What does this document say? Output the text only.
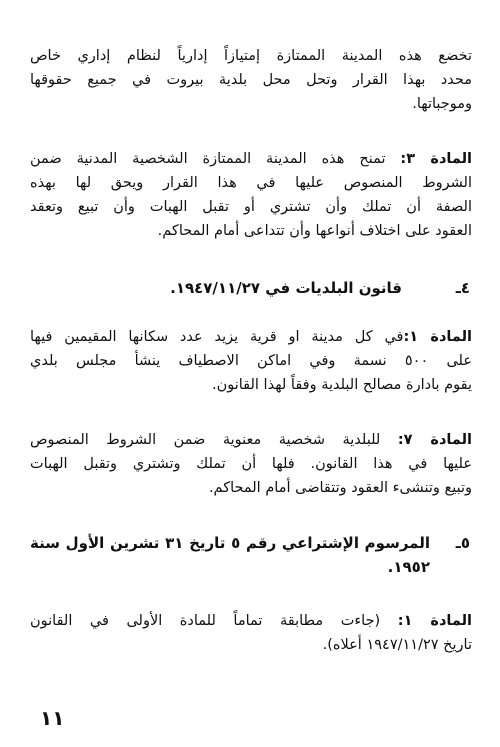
تخضع هذه المدينة الممتازة إمتيازاً إدارياً لنظام إداري خاص
محدد بهذا القرار وتحل محل بلدية بيروت في جميع حقوقها
وموجباتها.
المادة ٣: تمنح هذه المدينة الممتازة الشخصية المدنية ضمن
الشروط المنصوص عليها في هذا القرار ويحق لها بهذه
الصفة أن تملك وأن تشتري أو تقبل الهبات وأن تبيع وتعقد
العقود على اختلاف أنواعها وأن تتداعى أمام المحاكم.
٤ـ
قانون البلديات في ١٩٤٧/١١/٢٧.
المادة ١:في كل مدينة او قرية يزيد عدد سكانها المقيمين فيها
على ٥٠٠ نسمة وفي اماكن الاصطياف ينشأ مجلس بلدي
يقوم بادارة مصالح البلدية وفقاً لهذا القانون.
المادة ٧: للبلدية شخصية معنوية ضمن الشروط المنصوص
عليها في هذا القانون. فلها أن تملك وتشتري وتقبل الهبات
وتبيع وتنشىء العقود وتتقاضى أمام المحاكم.
٥ـ
المرسوم الإشتراعي رقم ٥ تاريخ ٣١ تشرين الأول سنة
١٩٥٢.
المادة ١: (جاءت مطابقة تماماً للمادة الأولى في القانون
تاريخ ١٩٤٧/١١/٢٧ أعلاه).
١١
